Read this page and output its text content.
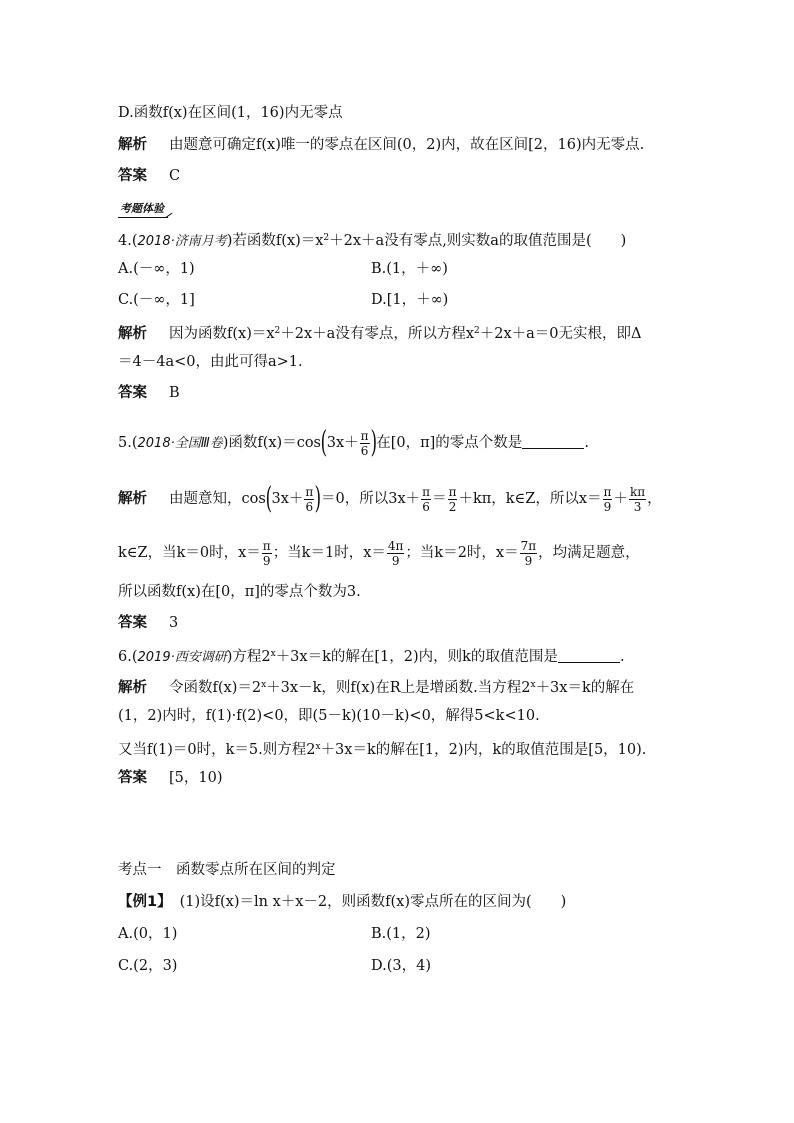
D.函数f(x)在区间(1，16)内无零点
解析 由题意可确定f(x)唯一的零点在区间(0，2)内，故在区间[2，16)内无零点.
答案 C
考题体验
4.(2018·济南月考)若函数$f(x)=x^2+2x+a$没有零点,则实数a的取值范围是(　　)
A.(－∞，1)	B.(1，＋∞)
C.(－∞，1]	D.[1，＋∞)
解析 因为函数$f(x)=x^2+2x+a$没有零点，所以方程$x^2+2x+a=0$无实根，即Δ
＝4－4a<0，由此可得a>1.
答案 B
5.(2018·全国Ⅲ卷)函数$f(x)=\cos(3x+ \frac{\pi}{6}$ )在[0，π]的零点个数是	.
解析 由题意知，$\cos(3x+ \frac{\pi}{6} )=0$，所以$3x+ \frac{\pi}{6} = \frac{\pi}{2} +k\pi$，k∈Z，所以$x= \frac{\pi}{9} + \frac{k\pi}{3}$ ，
k∈Z，当k＝0时，$x= \frac{\pi}{9}$ ；当k＝1时，$x= \frac{4\pi}{9}$ ；当k＝2时，$x= \frac{7\pi}{9}$ ，均满足题意，
所以函数f(x)在[0，π]的零点个数为3.
答案 3
6.(2019·西安调研)方程$2^x+3x=k$的解在[1，2)内，则k的取值范围是	.
解析 令函数$f(x)=2^x+3x-k$，则f(x)在R上是增函数.当方程$2^x+3x=k$的解在
(1，2)内时，f(1)·f(2)<0，即(5－k)(10－k)<0，解得5<k<10.
又当f(1)＝0时，k＝5.则方程$2^x+3x=k$的解在[1，2)内，k的取值范围是[5，10).
答案 [5，10)
考点一　函数零点所在区间的判定
【例1】 (1)设f(x)＝ln x＋x－2，则函数f(x)零点所在的区间为(　　)
A.(0，1)	B.(1，2)
C.(2，3)	D.(3，4)
